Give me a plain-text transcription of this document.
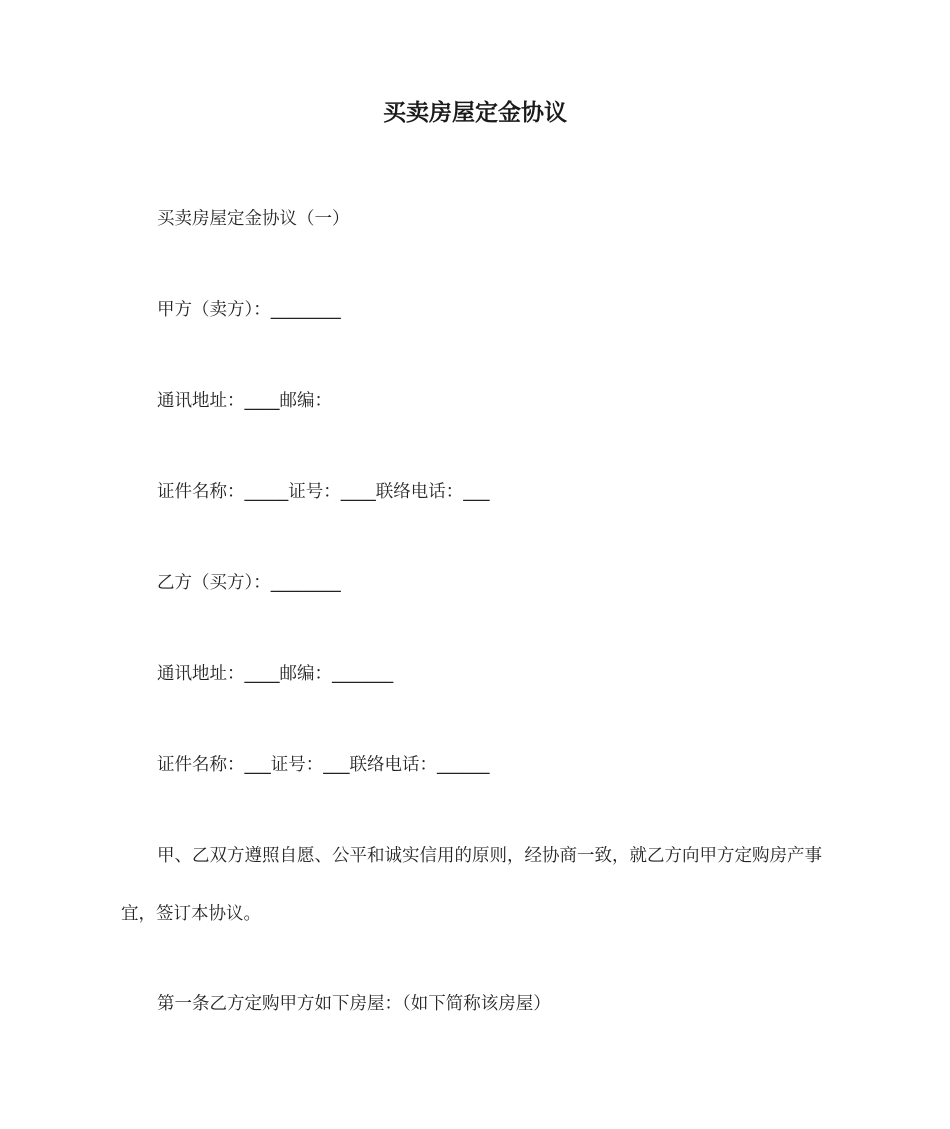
买卖房屋定金协议

买卖房屋定金协议（一）

甲方（卖方）：________

通讯地址：____邮编：

证件名称：_____证号：____联络电话：___

乙方（买方）：________

通讯地址：____邮编：_______

证件名称：___证号：___联络电话：______

甲、乙双方遵照自愿、公平和诚实信用的原则，经协商一致，就乙方向甲方定购房产事宜，签订本协议。

第一条乙方定购甲方如下房屋：（如下简称该房屋）
